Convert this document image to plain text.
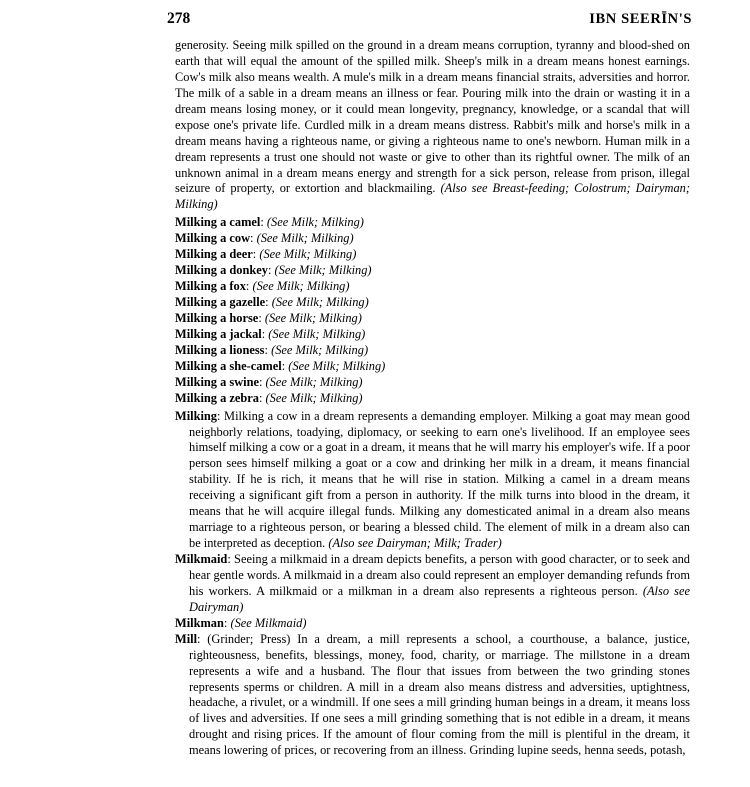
278	IBN SEERĪN'S

generosity. Seeing milk spilled on the ground in a dream means corruption, tyranny and blood-shed on earth that will equal the amount of the spilled milk. Sheep's milk in a dream means honest earnings. Cow's milk also means wealth. A mule's milk in a dream means financial straits, adversities and horror. The milk of a sable in a dream means an illness or fear. Pouring milk into the drain or wasting it in a dream means losing money, or it could mean longevity, pregnancy, knowledge, or a scandal that will expose one's private life. Curdled milk in a dream means distress. Rabbit's milk and horse's milk in a dream means having a righteous name, or giving a righteous name to one's newborn. Human milk in a dream represents a trust one should not waste or give to other than its rightful owner. The milk of an unknown animal in a dream means energy and strength for a sick person, release from prison, illegal seizure of property, or extortion and blackmailing. (Also see Breast-feeding; Colostrum; Dairyman; Milking)

Milking a camel: (See Milk; Milking)

Milking a cow: (See Milk; Milking)

Milking a deer: (See Milk; Milking)

Milking a donkey: (See Milk; Milking)

Milking a fox: (See Milk; Milking)

Milking a gazelle: (See Milk; Milking)

Milking a horse: (See Milk; Milking)

Milking a jackal: (See Milk; Milking)

Milking a lioness: (See Milk; Milking)

Milking a she-camel: (See Milk; Milking)

Milking a swine: (See Milk; Milking)

Milking a zebra: (See Milk; Milking)

Milking: Milking a cow in a dream represents a demanding employer. Milking a goat may mean good neighborly relations, toadying, diplomacy, or seeking to earn one's livelihood. If an employee sees himself milking a cow or a goat in a dream, it means that he will marry his employer's wife. If a poor person sees himself milking a goat or a cow and drinking her milk in a dream, it means financial stability. If he is rich, it means that he will rise in station. Milking a camel in a dream means receiving a significant gift from a person in authority. If the milk turns into blood in the dream, it means that he will acquire illegal funds. Milking any domesticated animal in a dream also means marriage to a righteous person, or bearing a blessed child. The element of milk in a dream also can be interpreted as deception. (Also see Dairyman; Milk; Trader)

Milkmaid: Seeing a milkmaid in a dream depicts benefits, a person with good character, or to seek and hear gentle words. A milkmaid in a dream also could represent an employer demanding refunds from his workers. A milkmaid or a milkman in a dream also represents a righteous person. (Also see Dairyman)

Milkman: (See Milkmaid)

Mill: (Grinder; Press) In a dream, a mill represents a school, a courthouse, a balance, justice, righteousness, benefits, blessings, money, food, charity, or marriage. The millstone in a dream represents a wife and a husband. The flour that issues from between the two grinding stones represents sperms or children. A mill in a dream also means distress and adversities, uptightness, headache, a rivulet, or a windmill. If one sees a mill grinding human beings in a dream, it means loss of lives and adversities. If one sees a mill grinding something that is not edible in a dream, it means drought and rising prices. If the amount of flour coming from the mill is plentiful in the dream, it means lowering of prices, or recovering from an illness. Grinding lupine seeds, henna seeds, potash,
